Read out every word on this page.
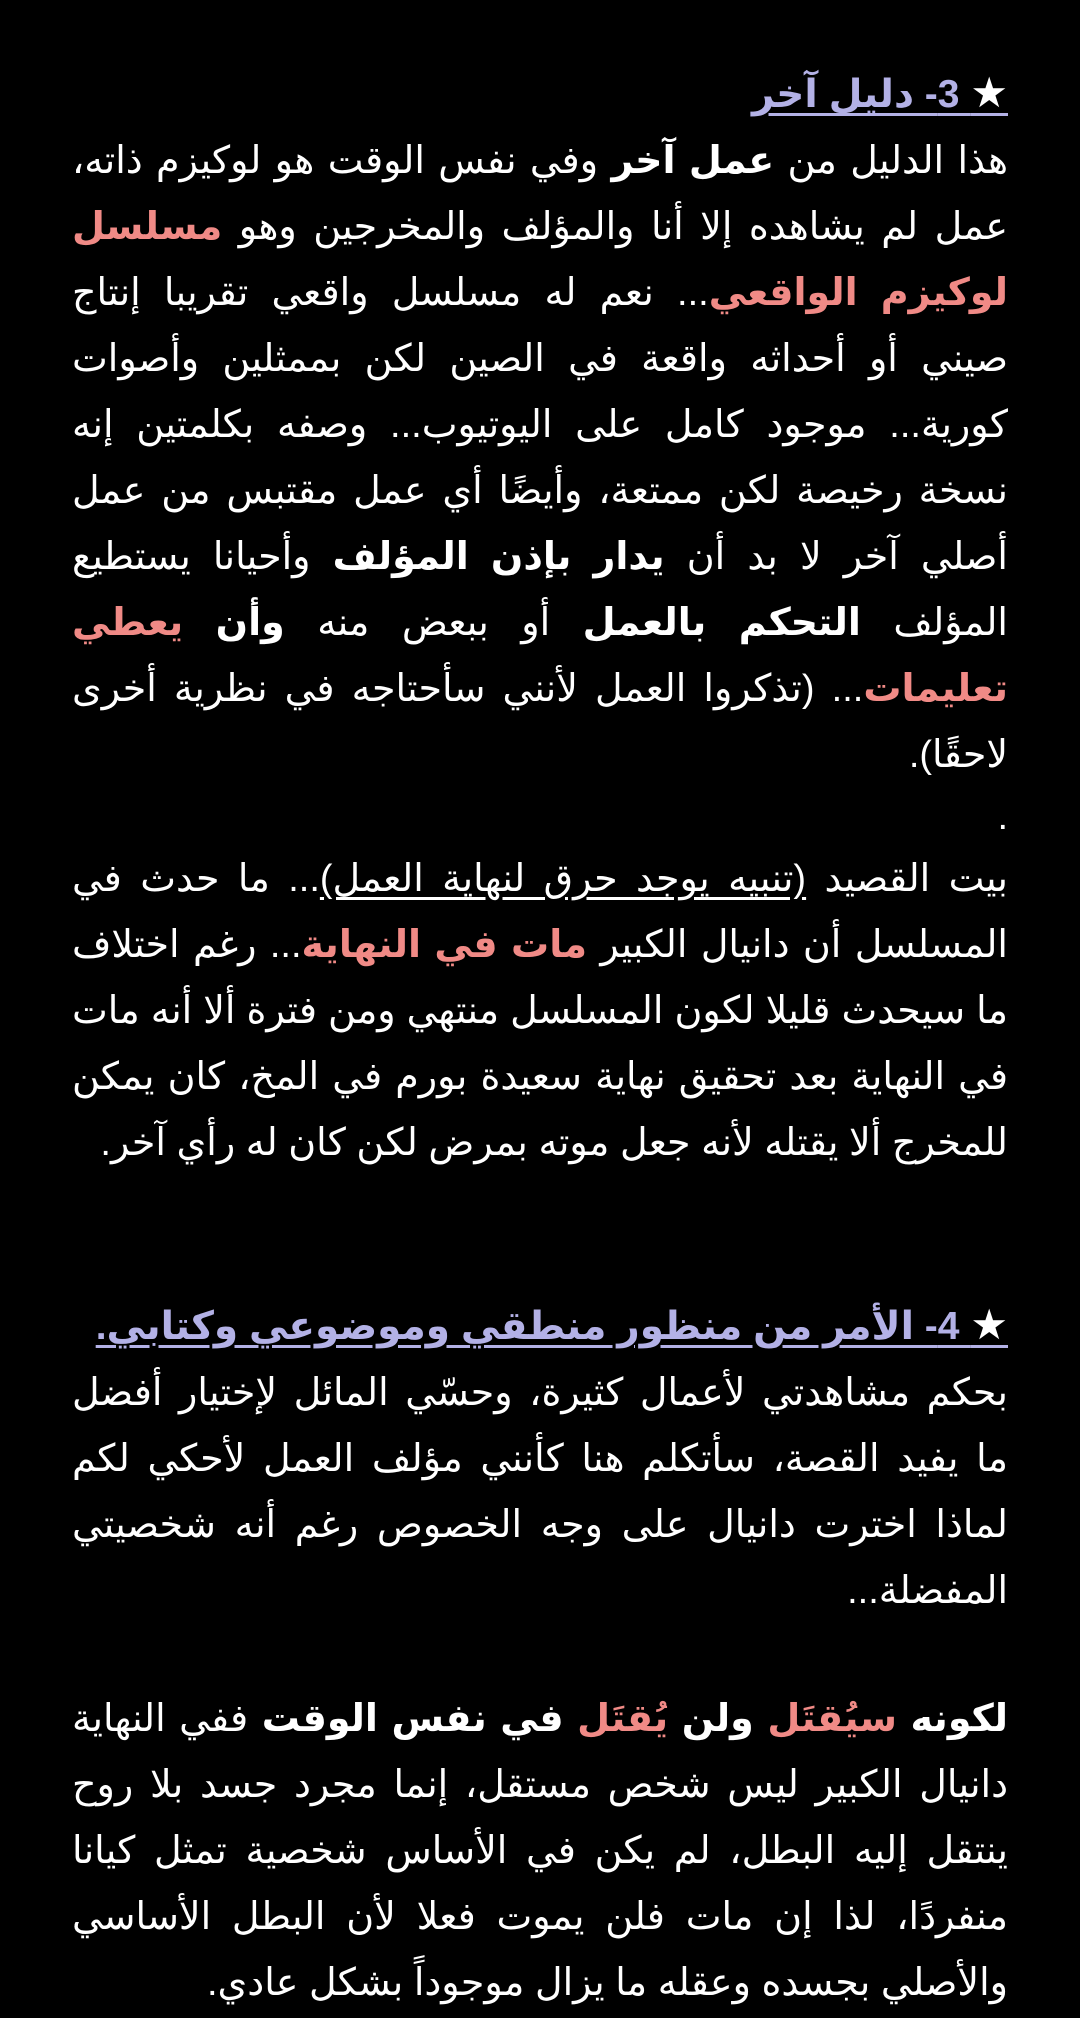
★ 3- دليل آخر

هذا الدليل من عمل آخر وفي نفس الوقت هو لوكيزم ذاته، عمل لم يشاهده إلا أنا والمؤلف والمخرجين وهو مسلسل لوكيزم الواقعي... نعم له مسلسل واقعي تقريبا إنتاج صيني أو أحداثه واقعة في الصين لكن بممثلين وأصوات كورية... موجود كامل على اليوتيوب... وصفه بكلمتين إنه نسخة رخيصة لكن ممتعة، وأيضًا أي عمل مقتبس من عمل أصلي آخر لا بد أن يدار بإذن المؤلف وأحيانا يستطيع المؤلف التحكم بالعمل أو ببعض منه وأن يعطي تعليمات... (تذكروا العمل لأنني سأحتاجه في نظرية أخرى لاحقًا).

.

بيت القصيد (تنبيه يوجد حرق لنهاية العمل)... ما حدث في المسلسل أن دانيال الكبير مات في النهاية... رغم اختلاف ما سيحدث قليلا لكون المسلسل منتهي ومن فترة ألا أنه مات في النهاية بعد تحقيق نهاية سعيدة بورم في المخ، كان يمكن للمخرج ألا يقتله لأنه جعل موته بمرض لكن كان له رأي آخر.

★ 4- الأمر من منظور منطقي وموضوعي وكتابي.

بحكم مشاهدتي لأعمال كثيرة، وحسّي المائل لإختيار أفضل ما يفيد القصة، سأتكلم هنا كأنني مؤلف العمل لأحكي لكم لماذا اخترت دانيال على وجه الخصوص رغم أنه شخصيتي المفضلة...

لكونه سيُقتَل ولن يُقتَل في نفس الوقت ففي النهاية دانيال الكبير ليس شخص مستقل، إنما مجرد جسد بلا روح ينتقل إليه البطل، لم يكن في الأساس شخصية تمثل كيانا منفردًا، لذا إن مات فلن يموت فعلا لأن البطل الأساسي والأصلي بجسده وعقله ما يزال موجوداً بشكل عادي.
